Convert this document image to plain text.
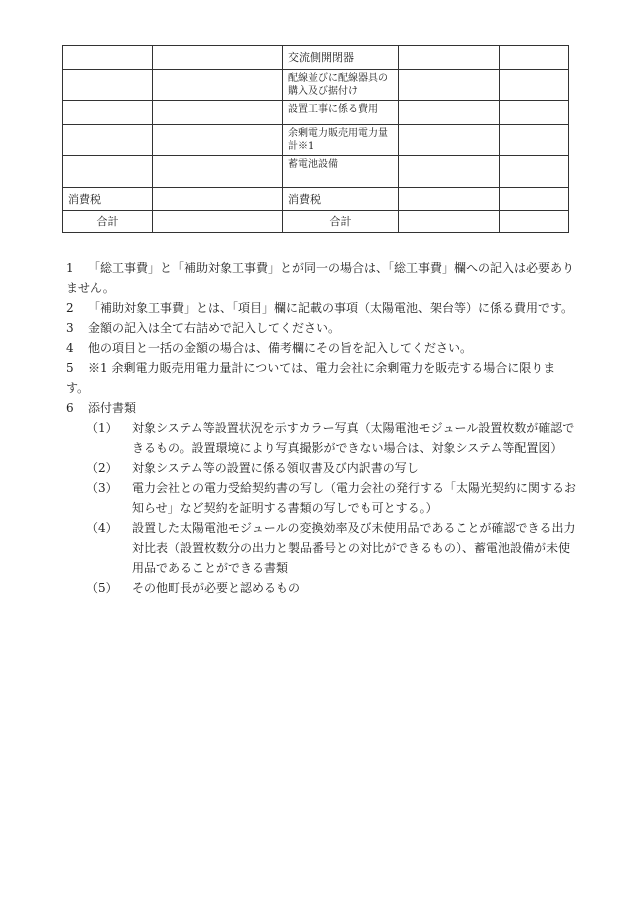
		交流側開閉器		
		配線並びに配線器具の購入及び据付け		
		設置工事に係る費用		
		余剰電力販売用電力量計※1		
		蓄電池設備		
消費税		消費税		
合計		合計		
1 「総工事費」と「補助対象工事費」とが同一の場合は、「総工事費」欄への記入は必要ありません。
2 「補助対象工事費」とは、「項目」欄に記載の事項（太陽電池、架台等）に係る費用です。
3 金額の記入は全て右詰めで記入してください。
4 他の項目と一括の金額の場合は、備考欄にその旨を記入してください。
5 ※1 余剰電力販売用電力量計については、電力会社に余剰電力を販売する場合に限ります。
6 添付書類
（1）	対象システム等設置状況を示すカラー写真（太陽電池モジュール設置枚数が確認できるもの。設置環境により写真撮影ができない場合は、対象システム等配置図）
（2）	対象システム等の設置に係る領収書及び内訳書の写し
（3）	電力会社との電力受給契約書の写し（電力会社の発行する「太陽光契約に関するお知らせ」など契約を証明する書類の写しでも可とする。）
（4）	設置した太陽電池モジュールの変換効率及び未使用品であることが確認できる出力対比表（設置枚数分の出力と製品番号との対比ができるもの）、蓄電池設備が未使用品であることができる書類
（5）	その他町長が必要と認めるもの
